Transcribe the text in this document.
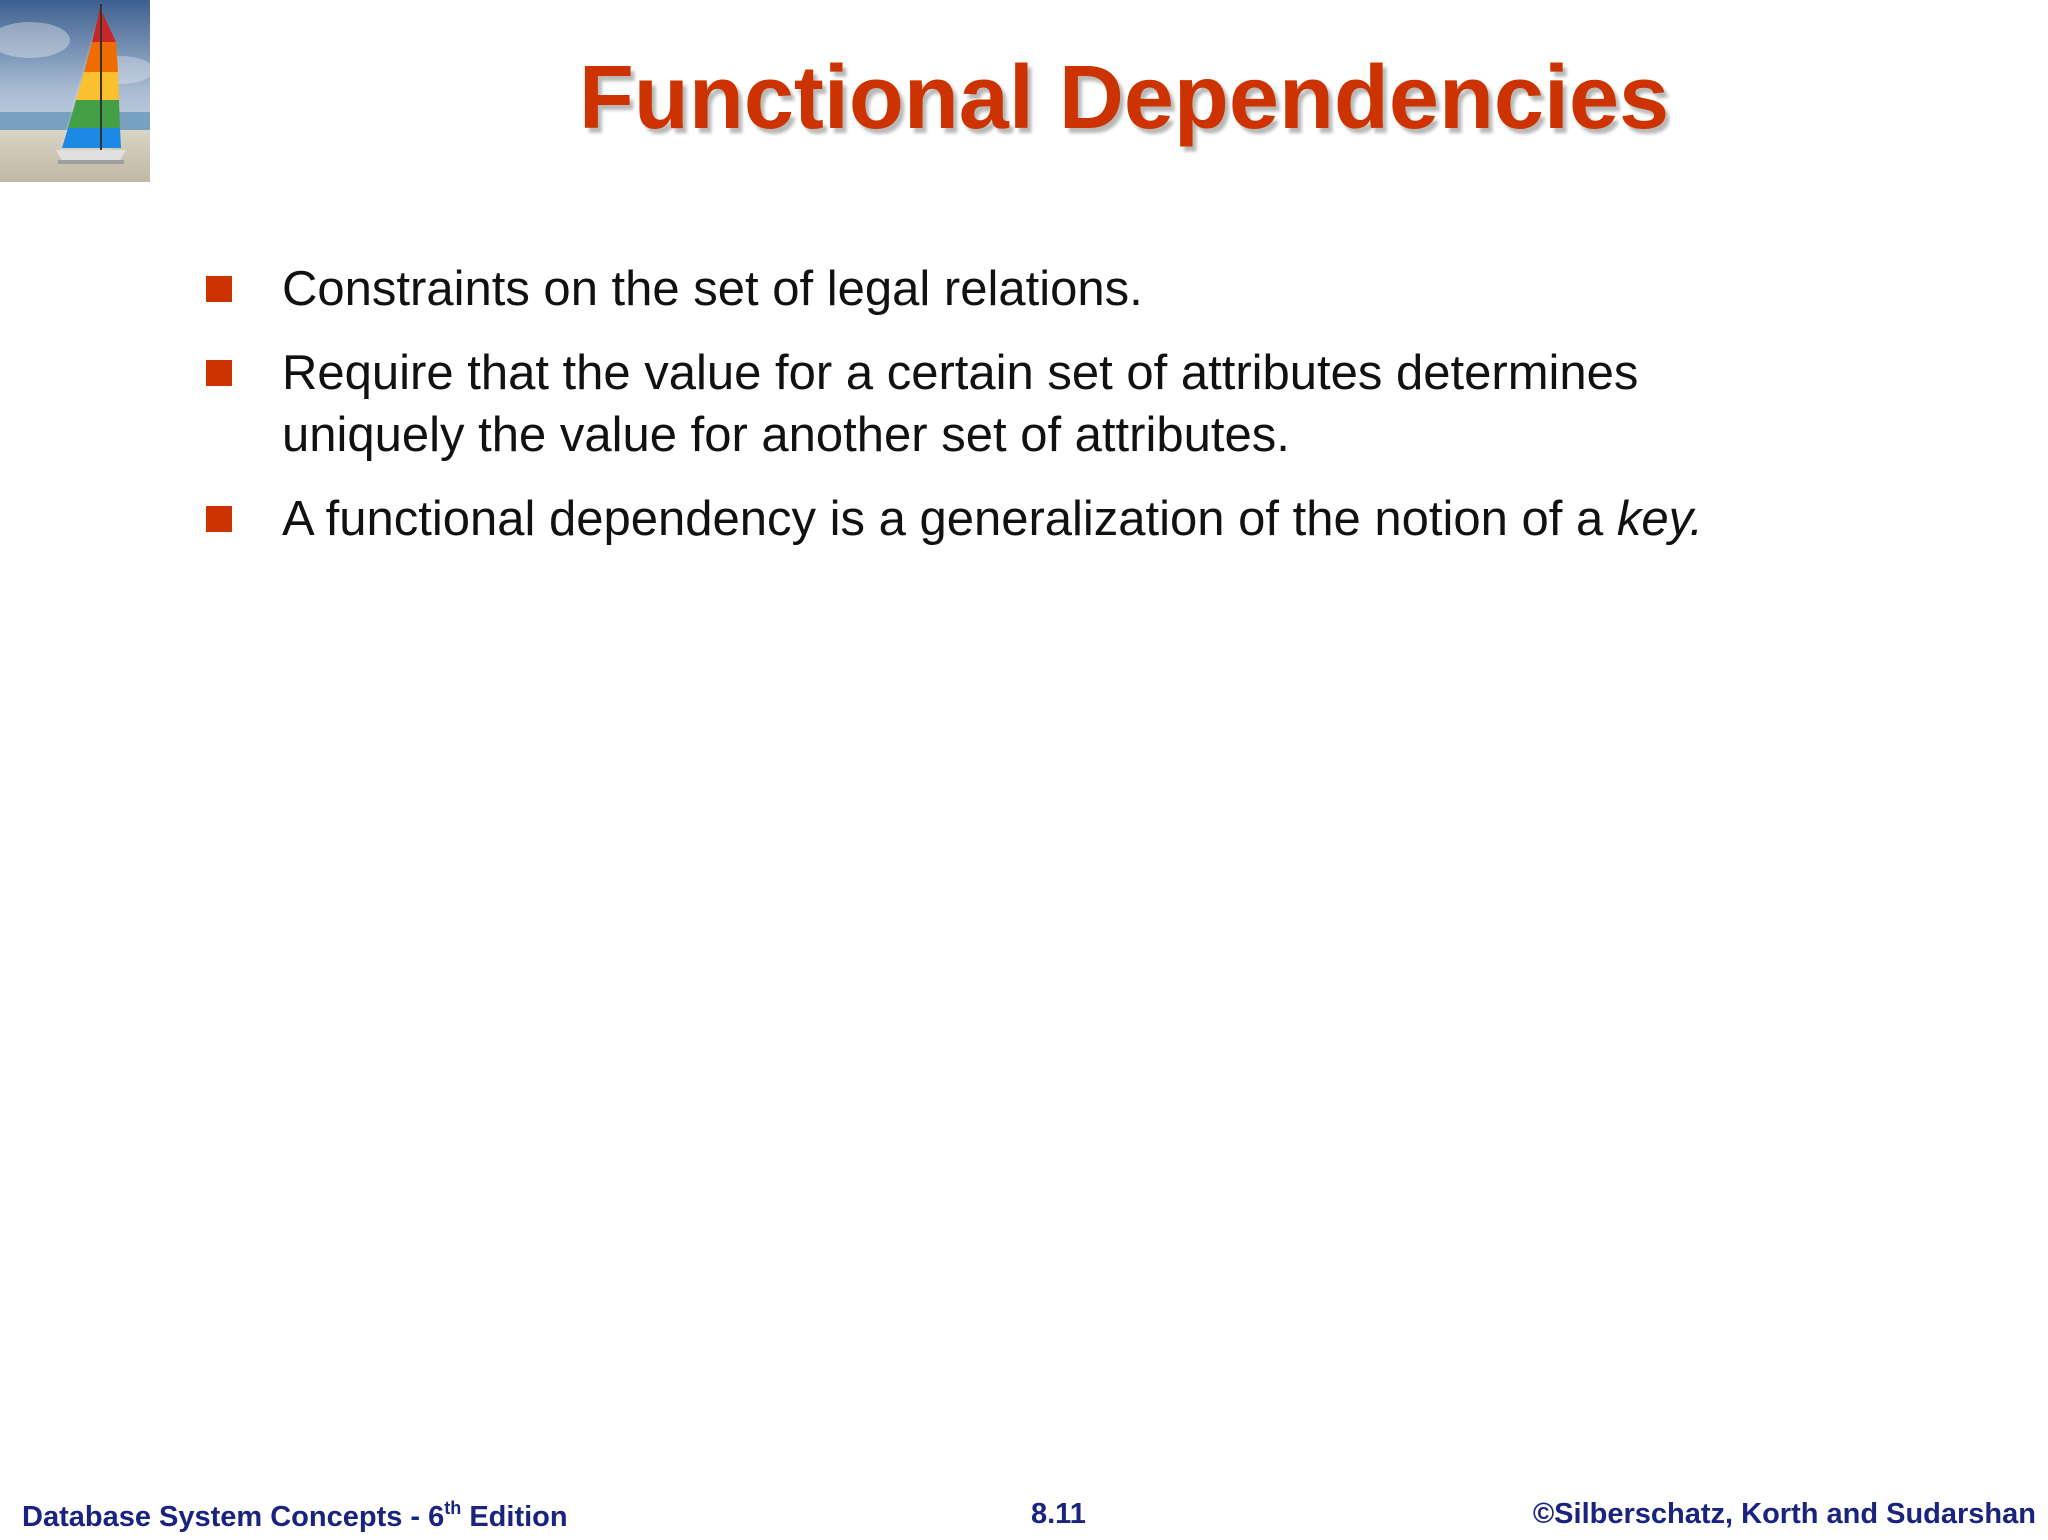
Functional Dependencies
Constraints on the set of legal relations.
Require that the value for a certain set of attributes determines uniquely the value for another set of attributes.
A functional dependency is a generalization of the notion of a key.
Database System Concepts - 6th Edition	8.11	©Silberschatz, Korth and Sudarshan
